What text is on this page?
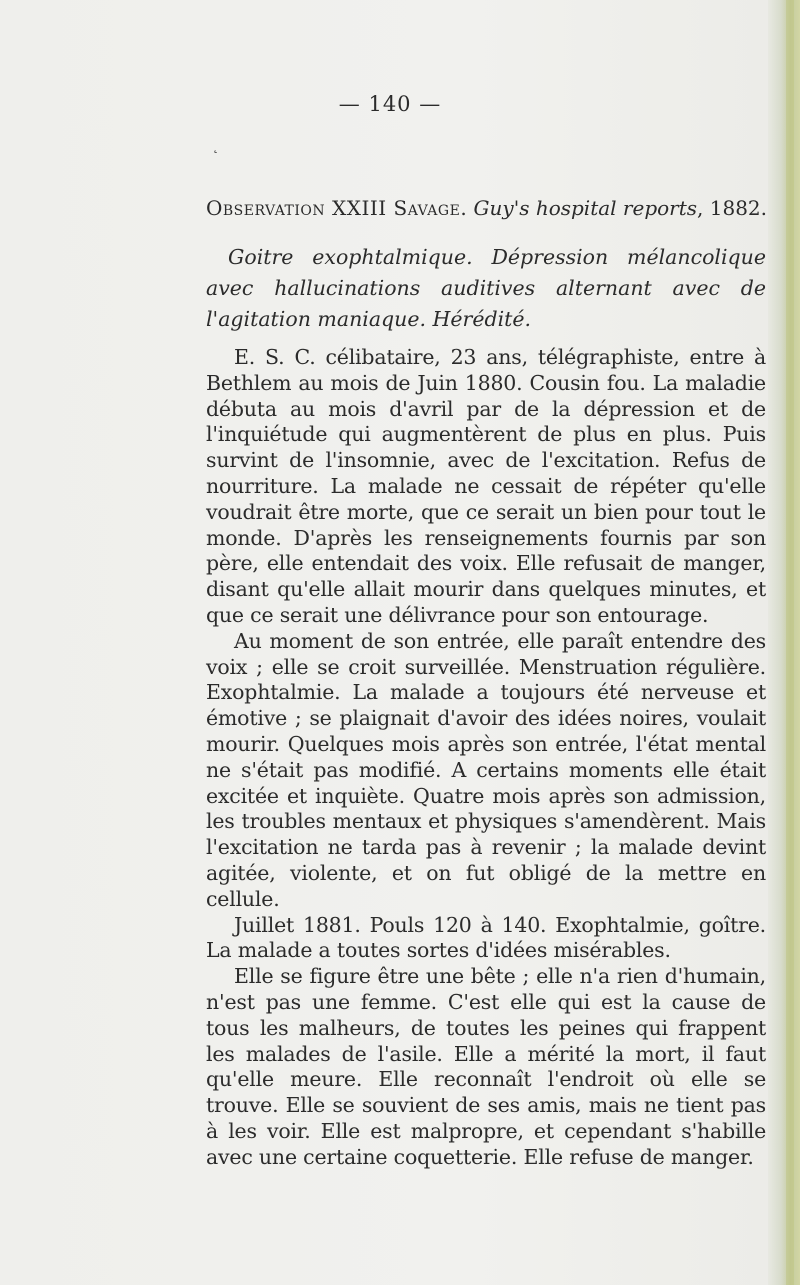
˛
— 140 —
Observation XXIII Savage. Guy's hospital reports, 1882.
Goitre exophtalmique. Dépression mélancolique avec hallucinations auditives alternant avec de l'agitation maniaque. Hérédité.

E. S. C. célibataire, 23 ans, télégraphiste, entre à Bethlem au mois de Juin 1880. Cousin fou. La maladie débuta au mois d'avril par de la dépression et de l'inquiétude qui augmentèrent de plus en plus. Puis survint de l'insomnie, avec de l'excitation. Refus de nourriture. La malade ne cessait de répéter qu'elle voudrait être morte, que ce serait un bien pour tout le monde. D'après les renseignements fournis par son père, elle entendait des voix. Elle refusait de manger, disant qu'elle allait mourir dans quelques minutes, et que ce serait une délivrance pour son entourage.

Au moment de son entrée, elle paraît entendre des voix ; elle se croit surveillée. Menstruation régulière. Exophtalmie. La malade a toujours été nerveuse et émotive ; se plaignait d'avoir des idées noires, voulait mourir. Quelques mois après son entrée, l'état mental ne s'était pas modifié. A certains moments elle était excitée et inquiète. Quatre mois après son admission, les troubles mentaux et physiques s'amendèrent. Mais l'excitation ne tarda pas à revenir ; la malade devint agitée, violente, et on fut obligé de la mettre en cellule.

Juillet 1881. Pouls 120 à 140. Exophtalmie, goître. La malade a toutes sortes d'idées misérables.

Elle se figure être une bête ; elle n'a rien d'humain, n'est pas une femme. C'est elle qui est la cause de tous les malheurs, de toutes les peines qui frappent les malades de l'asile. Elle a mérité la mort, il faut qu'elle meure. Elle reconnaît l'endroit où elle se trouve. Elle se souvient de ses amis, mais ne tient pas à les voir. Elle est malpropre, et cependant s'habille avec une certaine coquetterie. Elle refuse de manger.
